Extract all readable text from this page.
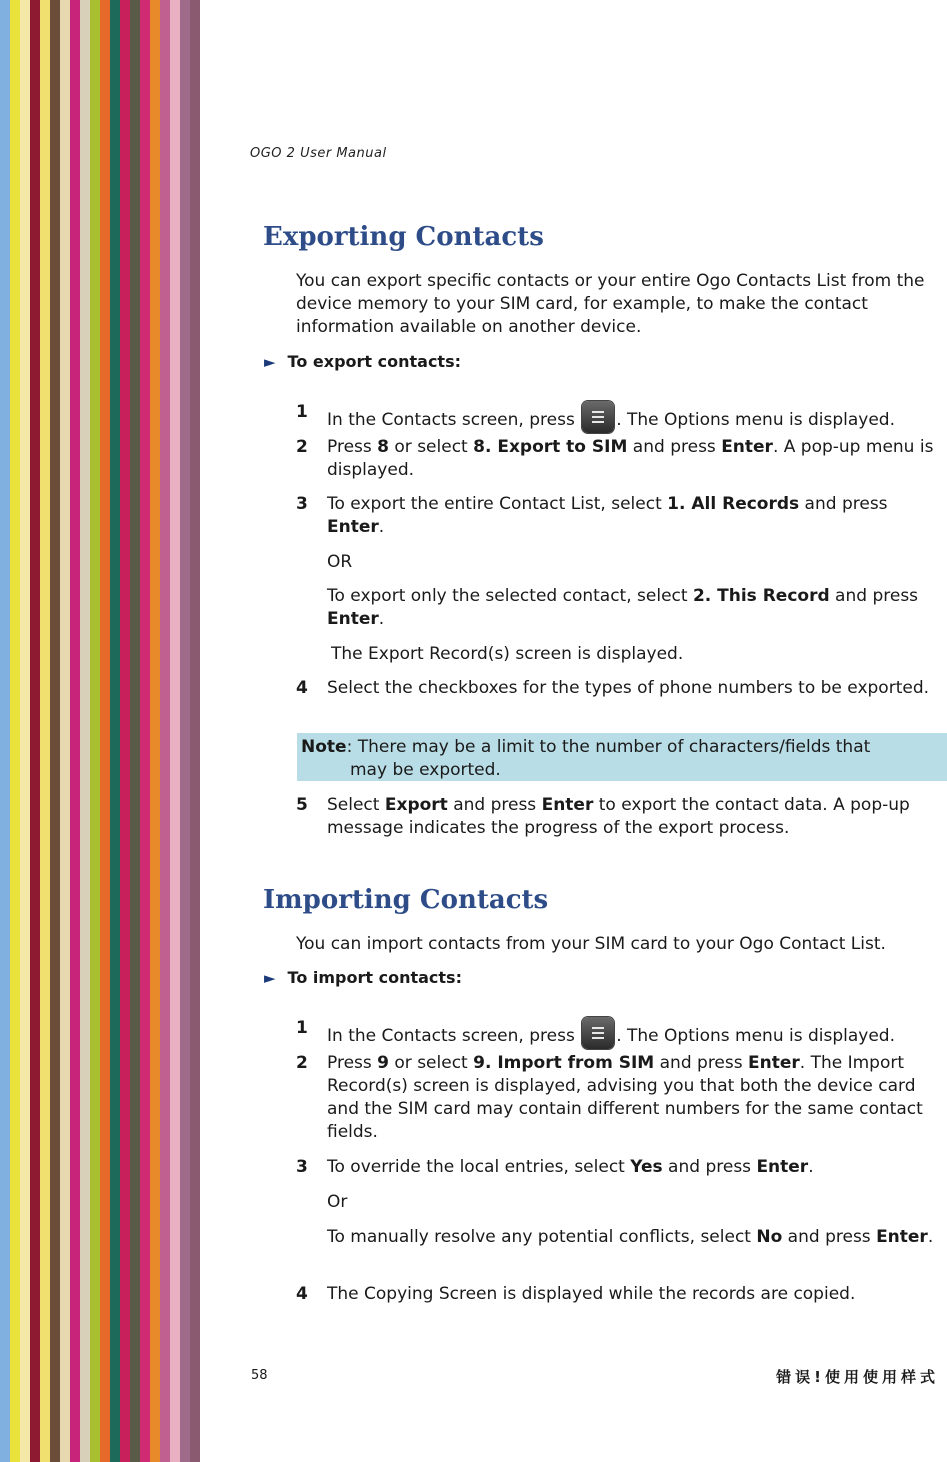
OGO 2 User Manual
Exporting Contacts

You can export specific contacts or your entire Ogo Contacts List from the device memory to your SIM card, for example, to make the contact information available on another device.

► To export contacts:
1 In the Contacts screen, press
. The Options menu is displayed.
2 Press 8 or select 8. Export to SIM and press Enter. A pop-up menu is displayed.
3 To export the entire Contact List, select 1. All Records and press Enter.
OR
To export only the selected contact, select 2. This Record and press Enter.
The Export Record(s) screen is displayed.
4 Select the checkboxes for the types of phone numbers to be exported.
Note: There may be a limit to the number of characters/fields that
may be exported.
5 Select Export and press Enter to export the contact data. A pop-up message indicates the progress of the export process.
Importing Contacts

You can import contacts from your SIM card to your Ogo Contact List.

► To import contacts:
1 In the Contacts screen, press
. The Options menu is displayed.
2 Press 9 or select 9. Import from SIM and press Enter. The Import Record(s) screen is displayed, advising you that both the device card and the SIM card may contain different numbers for the same contact fields.
3 To override the local entries, select Yes and press Enter.
Or
To manually resolve any potential conflicts, select No and press Enter.
4 The Copying Screen is displayed while the records are copied.
58	错误!使用使用样式
